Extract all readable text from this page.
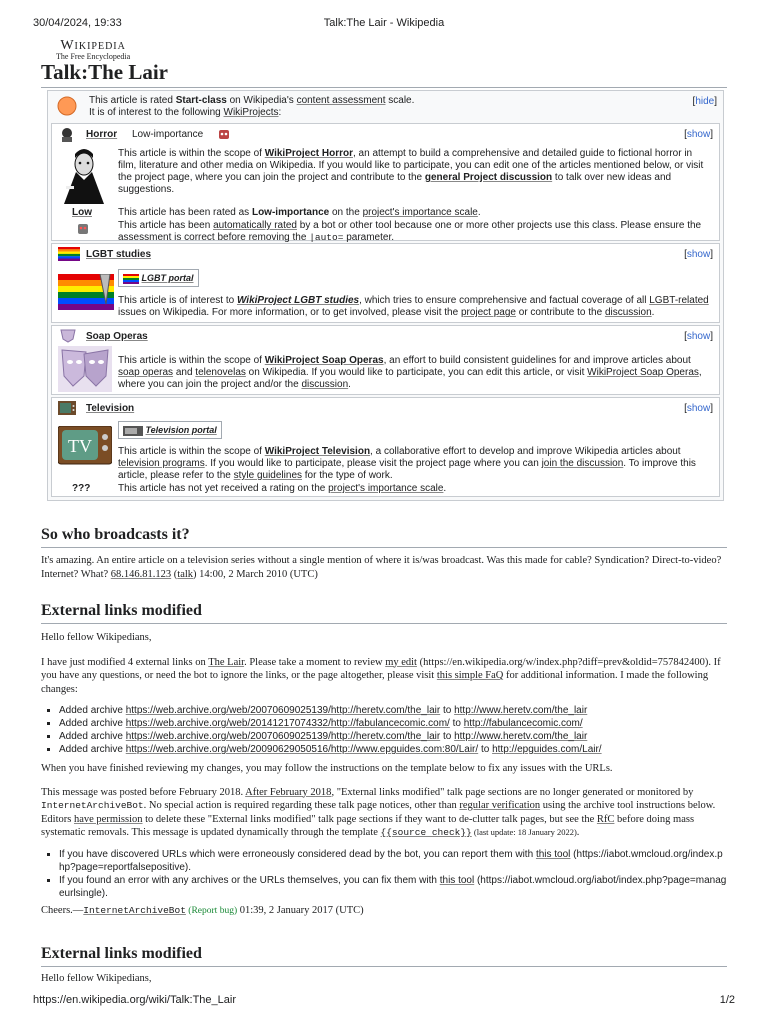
30/04/2024, 19:33	Talk:The Lair - Wikipedia
Wikipedia
The Free Encyclopedia
Talk:The Lair
This article is rated Start-class on Wikipedia's content assessment scale.
It is of interest to the following WikiProjects:
[hide]
Horror Low-importance	[show]
This article is within the scope of WikiProject Horror, an attempt to build a comprehensive and detailed guide to fictional horror in film, literature and other media on Wikipedia. If you would like to participate, you can edit one of the articles mentioned below, or visit the project page, where you can join the project and contribute to the general Project discussion to talk over new ideas and suggestions.
Low	This article has been rated as Low-importance on the project's importance scale.
This article has been automatically rated by a bot or other tool because one or more other projects use this class. Please ensure the assessment is correct before removing the |auto= parameter.
LGBT studies	[show]
LGBT portal
This article is of interest to WikiProject LGBT studies, which tries to ensure comprehensive and factual coverage of all LGBT-related issues on Wikipedia. For more information, or to get involved, please visit the project page or contribute to the discussion.
Soap Operas	[show]
This article is within the scope of WikiProject Soap Operas, an effort to build consistent guidelines for and improve articles about soap operas and telenovelas on Wikipedia. If you would like to participate, you can edit this article, or visit WikiProject Soap Operas, where you can join the project and/or the discussion.
Television	[show]
TV
Television portal
This article is within the scope of WikiProject Television, a collaborative effort to develop and improve Wikipedia articles about television programs. If you would like to participate, please visit the project page where you can join the discussion. To improve this article, please refer to the style guidelines for the type of work.
???	This article has not yet received a rating on the project's importance scale.
So who broadcasts it?
It's amazing. An entire article on a television series without a single mention of where it is/was broadcast. Was this made for cable? Syndication? Direct-to-video? Internet? What? 68.146.81.123 (talk) 14:00, 2 March 2010 (UTC)
External links modified
Hello fellow Wikipedians,
I have just modified 4 external links on The Lair. Please take a moment to review my edit (https://en.wikipedia.org/w/index.php?diff=prev&oldid=757842400). If you have any questions, or need the bot to ignore the links, or the page altogether, please visit this simple FaQ for additional information. I made the following changes:
▪ Added archive https://web.archive.org/web/20070609025139/http://heretv.com/the_lair to http://www.heretv.com/the_lair
▪ Added archive https://web.archive.org/web/20141217074332/http://fabulancecomic.com/ to http://fabulancecomic.com/
▪ Added archive https://web.archive.org/web/20070609025139/http://heretv.com/the_lair to http://www.heretv.com/the_lair
▪ Added archive https://web.archive.org/web/20090629050516/http://www.epguides.com:80/Lair/ to http://epguides.com/Lair/
When you have finished reviewing my changes, you may follow the instructions on the template below to fix any issues with the URLs.
This message was posted before February 2018. After February 2018, "External links modified" talk page sections are no longer generated or monitored by InternetArchiveBot. No special action is required regarding these talk page notices, other than regular verification using the archive tool instructions below. Editors have permission to delete these "External links modified" talk page sections if they want to de-clutter talk pages, but see the RfC before doing mass systematic removals. This message is updated dynamically through the template {{source check}} (last update: 18 January 2022).
▪ If you have discovered URLs which were erroneously considered dead by the bot, you can report them with this tool (https://iabot.wmcloud.org/index.php?page=reportfalsepositive).
▪ If you found an error with any archives or the URLs themselves, you can fix them with this tool (https://iabot.wmcloud.org/iabot/index.php?page=manageurlsingle).
Cheers.—InternetArchiveBot (Report bug) 01:39, 2 January 2017 (UTC)
External links modified
Hello fellow Wikipedians,
https://en.wikipedia.org/wiki/Talk:The_Lair	1/2
